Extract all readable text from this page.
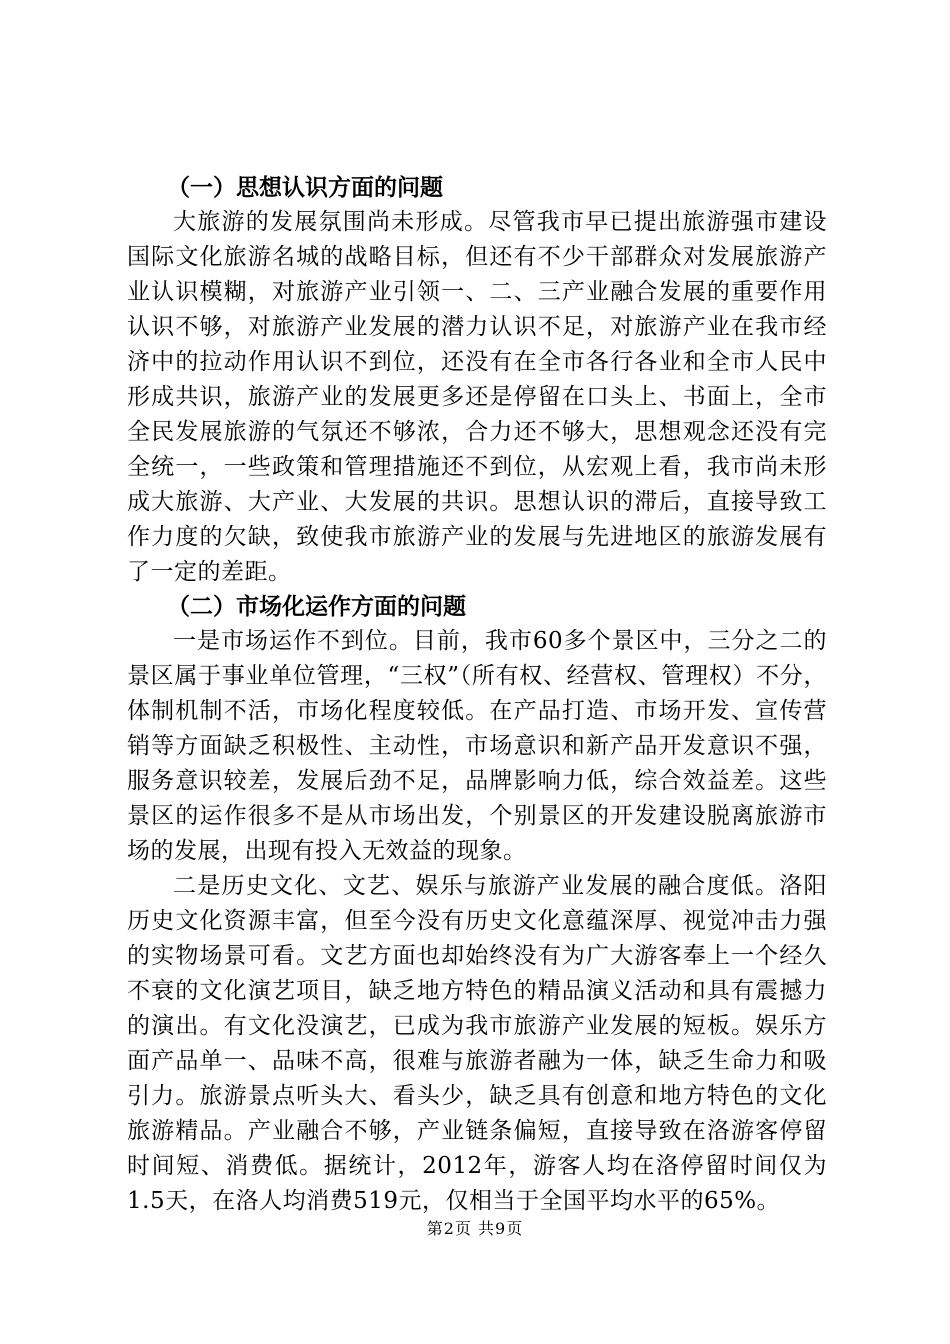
（一）思想认识方面的问题

大旅游的发展氛围尚未形成。尽管我市早已提出旅游强市建设国际文化旅游名城的战略目标，但还有不少干部群众对发展旅游产业认识模糊，对旅游产业引领一、二、三产业融合发展的重要作用认识不够，对旅游产业发展的潜力认识不足，对旅游产业在我市经济中的拉动作用认识不到位，还没有在全市各行各业和全市人民中形成共识，旅游产业的发展更多还是停留在口头上、书面上，全市全民发展旅游的气氛还不够浓，合力还不够大，思想观念还没有完全统一，一些政策和管理措施还不到位，从宏观上看，我市尚未形成大旅游、大产业、大发展的共识。思想认识的滞后，直接导致工作力度的欠缺，致使我市旅游产业的发展与先进地区的旅游发展有了一定的差距。

（二）市场化运作方面的问题

一是市场运作不到位。目前，我市60多个景区中，三分之二的景区属于事业单位管理，“三权”（所有权、经营权、管理权）不分，体制机制不活，市场化程度较低。在产品打造、市场开发、宣传营销等方面缺乏积极性、主动性，市场意识和新产品开发意识不强，服务意识较差，发展后劲不足，品牌影响力低，综合效益差。这些景区的运作很多不是从市场出发，个别景区的开发建设脱离旅游市场的发展，出现有投入无效益的现象。

二是历史文化、文艺、娱乐与旅游产业发展的融合度低。洛阳历史文化资源丰富，但至今没有历史文化意蕴深厚、视觉冲击力强的实物场景可看。文艺方面也却始终没有为广大游客奉上一个经久不衰的文化演艺项目，缺乏地方特色的精品演义活动和具有震撼力的演出。有文化没演艺，已成为我市旅游产业发展的短板。娱乐方面产品单一、品味不高，很难与旅游者融为一体，缺乏生命力和吸引力。旅游景点听头大、看头少，缺乏具有创意和地方特色的文化旅游精品。产业融合不够，产业链条偏短，直接导致在洛游客停留时间短、消费低。据统计，2012年，游客人均在洛停留时间仅为1.5天，在洛人均消费519元，仅相当于全国平均水平的65%。

第2页 共9页
